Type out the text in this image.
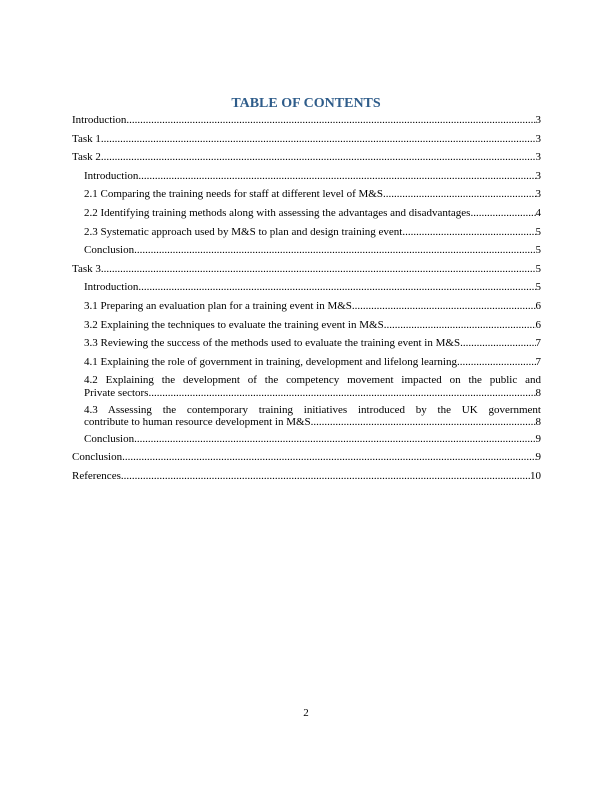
TABLE OF CONTENTS
Introduction .....	3
Task 1 .....	3
Task 2 .....	3
Introduction .....	3
2.1 Comparing the training needs for staff at different level of M&S .....	3
2.2 Identifying training methods along with assessing the advantages and disadvantages .....	4
2.3 Systematic approach used by M&S to plan and design training event .....	5
Conclusion .....	5
Task 3 .....	5
Introduction .....	5
3.1 Preparing an evaluation plan for a training event in M&S .....	6
3.2 Explaining the techniques to evaluate the training event in M&S .....	6
3.3 Reviewing the success of the methods used to evaluate the training event in M&S .....	7
4.1 Explaining the role of government in training, development and lifelong learning .....	7
4.2 Explaining the development of the competency movement impacted on the public and
Private sectors .....	8
4.3 Assessing the contemporary training initiatives introduced by the UK government
contribute to human resource development in M&S .....	8
Conclusion .....	9
Conclusion .....	9
References .....	10
2
